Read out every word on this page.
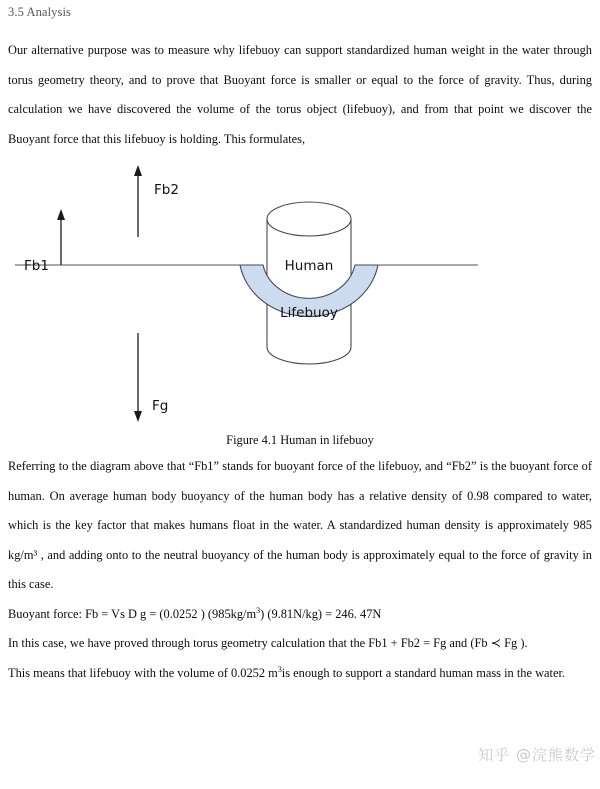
3.5 Analysis

Our alternative purpose was to measure why lifebuoy can support standardized human weight in the water through torus geometry theory, and to prove that Buoyant force is smaller or equal to the force of gravity. Thus, during calculation we have discovered the volume of the torus object (lifebuoy), and from that point we discover the Buoyant force that this lifebuoy is holding. This formulates,

Fb1
Fb2
Fg
Human
Lifebuoy
Figure 4.1 Human in lifebuoy

Referring to the diagram above that “Fb1” stands for buoyant force of the lifebuoy, and “Fb2” is the buoyant force of human. On average human body buoyancy of the human body has a relative density of 0.98 compared to water, which is the key factor that makes humans float in the water. A standardized human density is approximately 985 kg/m³ , and adding onto to the neutral buoyancy of the human body is approximately equal to the force of gravity in this case.

Buoyant force: Fb = Vs D g = (0.0252 ) $(985kg/m^3) (9.81N/kg) = 246$. 47N

In this case, we have proved through torus geometry calculation that the Fb1 + Fb2 = Fg and (Fb ≺ Fg ).

This means that lifebuoy with the volume of 0.0252 $m^3is$ enough to support a standard human mass in the water.

知乎 @浣熊数学
